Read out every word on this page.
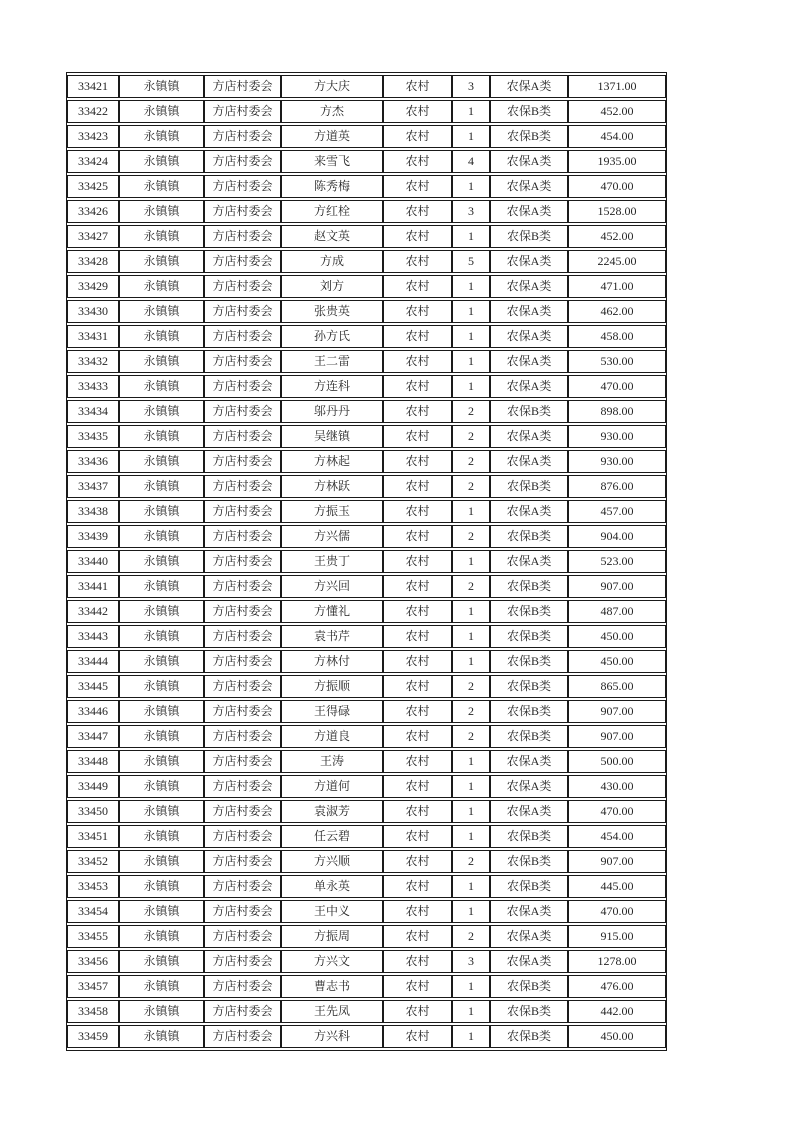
33421	永镇镇	方店村委会	方大庆	农村	3	农保A类	1371.00
33422	永镇镇	方店村委会	方杰	农村	1	农保B类	452.00
33423	永镇镇	方店村委会	方道英	农村	1	农保B类	454.00
33424	永镇镇	方店村委会	来雪飞	农村	4	农保A类	1935.00
33425	永镇镇	方店村委会	陈秀梅	农村	1	农保A类	470.00
33426	永镇镇	方店村委会	方红栓	农村	3	农保A类	1528.00
33427	永镇镇	方店村委会	赵文英	农村	1	农保B类	452.00
33428	永镇镇	方店村委会	方成	农村	5	农保A类	2245.00
33429	永镇镇	方店村委会	刘方	农村	1	农保A类	471.00
33430	永镇镇	方店村委会	张贵英	农村	1	农保A类	462.00
33431	永镇镇	方店村委会	孙方氏	农村	1	农保A类	458.00
33432	永镇镇	方店村委会	王二雷	农村	1	农保A类	530.00
33433	永镇镇	方店村委会	方连科	农村	1	农保A类	470.00
33434	永镇镇	方店村委会	邬丹丹	农村	2	农保B类	898.00
33435	永镇镇	方店村委会	吴继镇	农村	2	农保A类	930.00
33436	永镇镇	方店村委会	方林起	农村	2	农保A类	930.00
33437	永镇镇	方店村委会	方林跃	农村	2	农保B类	876.00
33438	永镇镇	方店村委会	方振玉	农村	1	农保A类	457.00
33439	永镇镇	方店村委会	方兴儒	农村	2	农保B类	904.00
33440	永镇镇	方店村委会	王贵丁	农村	1	农保A类	523.00
33441	永镇镇	方店村委会	方兴回	农村	2	农保B类	907.00
33442	永镇镇	方店村委会	方懂礼	农村	1	农保B类	487.00
33443	永镇镇	方店村委会	袁书芹	农村	1	农保B类	450.00
33444	永镇镇	方店村委会	方林付	农村	1	农保B类	450.00
33445	永镇镇	方店村委会	方振顺	农村	2	农保B类	865.00
33446	永镇镇	方店村委会	王得碌	农村	2	农保B类	907.00
33447	永镇镇	方店村委会	方道良	农村	2	农保B类	907.00
33448	永镇镇	方店村委会	王涛	农村	1	农保A类	500.00
33449	永镇镇	方店村委会	方道何	农村	1	农保A类	430.00
33450	永镇镇	方店村委会	袁淑芳	农村	1	农保A类	470.00
33451	永镇镇	方店村委会	任云碧	农村	1	农保B类	454.00
33452	永镇镇	方店村委会	方兴顺	农村	2	农保B类	907.00
33453	永镇镇	方店村委会	单永英	农村	1	农保B类	445.00
33454	永镇镇	方店村委会	王中义	农村	1	农保A类	470.00
33455	永镇镇	方店村委会	方振周	农村	2	农保A类	915.00
33456	永镇镇	方店村委会	方兴文	农村	3	农保A类	1278.00
33457	永镇镇	方店村委会	曹志书	农村	1	农保B类	476.00
33458	永镇镇	方店村委会	王先凤	农村	1	农保B类	442.00
33459	永镇镇	方店村委会	方兴科	农村	1	农保B类	450.00
